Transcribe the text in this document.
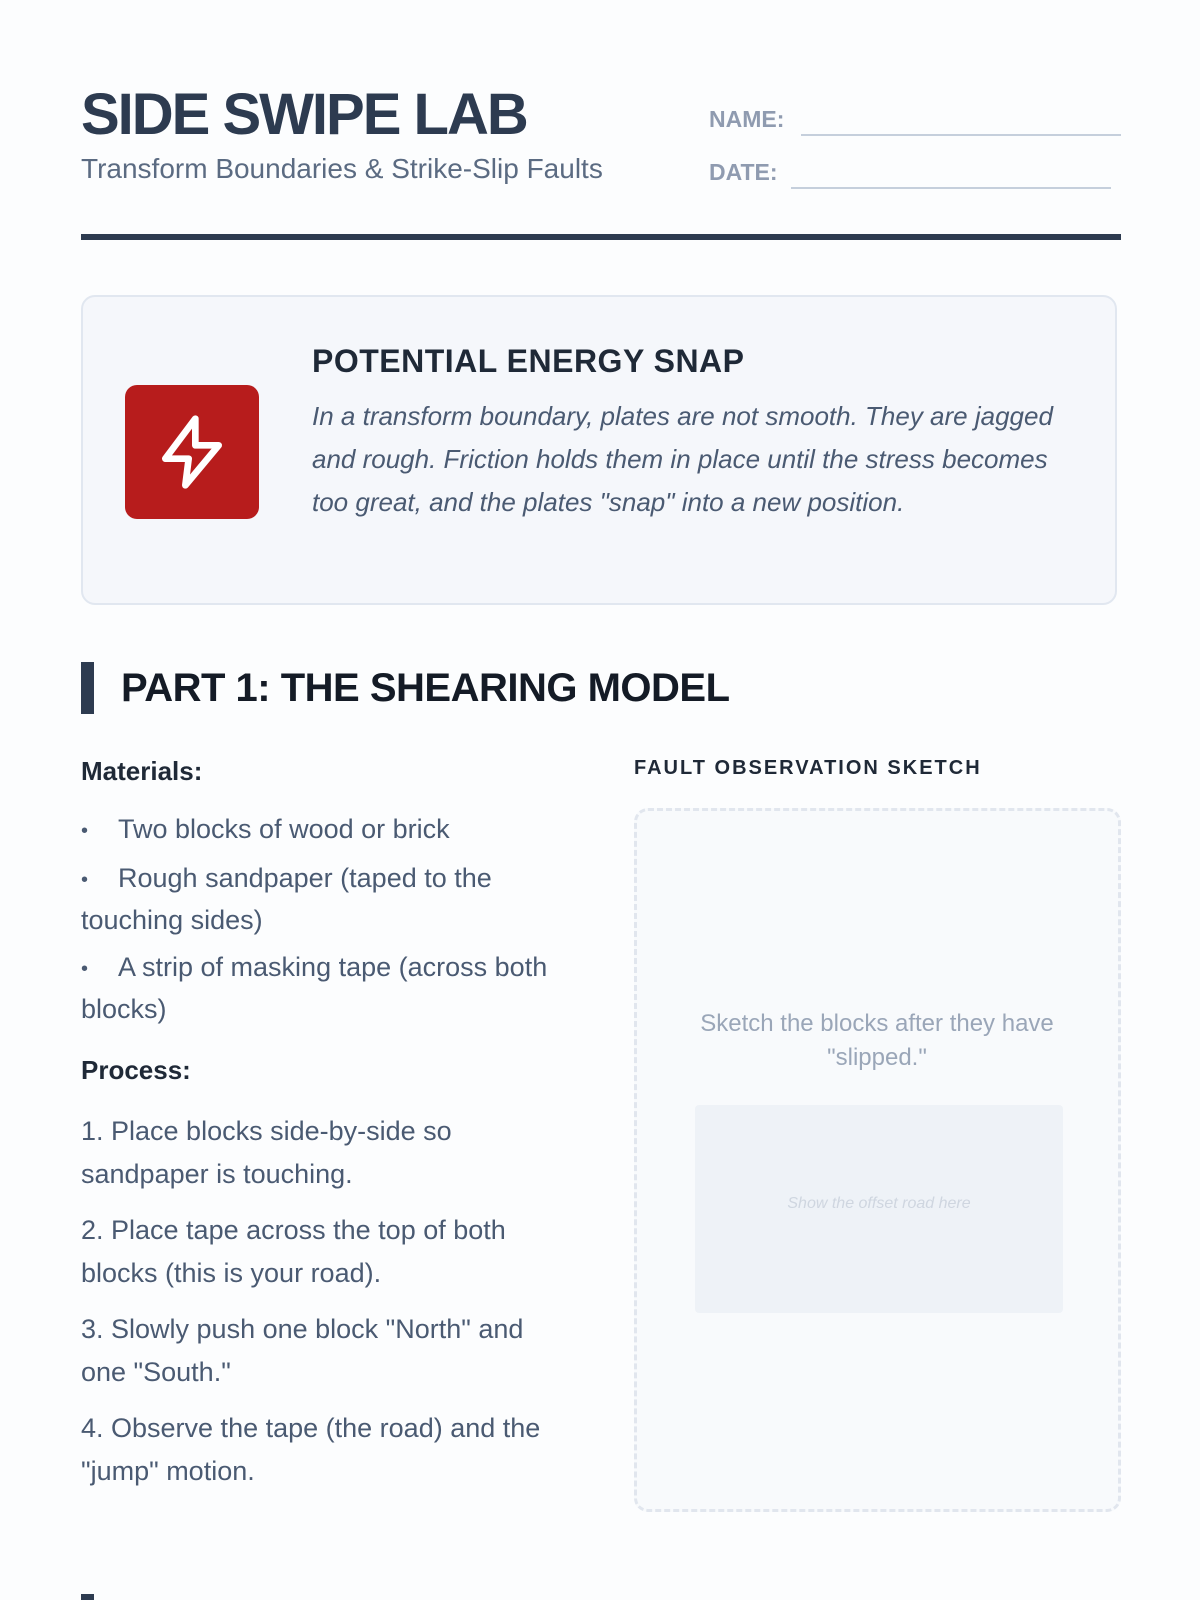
SIDE SWIPE LAB
Transform Boundaries & Strike-Slip Faults
NAME:
DATE:
POTENTIAL ENERGY SNAP
In a transform boundary, plates are not smooth. They are jagged and rough. Friction holds them in place until the stress becomes too great, and the plates "snap" into a new position.
PART 1: THE SHEARING MODEL
Materials:
• Two blocks of wood or brick
• Rough sandpaper (taped to the touching sides)
• A strip of masking tape (across both blocks)
Process:
1. Place blocks side-by-side so sandpaper is touching.
2. Place tape across the top of both blocks (this is your road).
3. Slowly push one block "North" and one "South."
4. Observe the tape (the road) and the "jump" motion.
FAULT OBSERVATION SKETCH
Sketch the blocks after they have "slipped."
Show the offset road here
